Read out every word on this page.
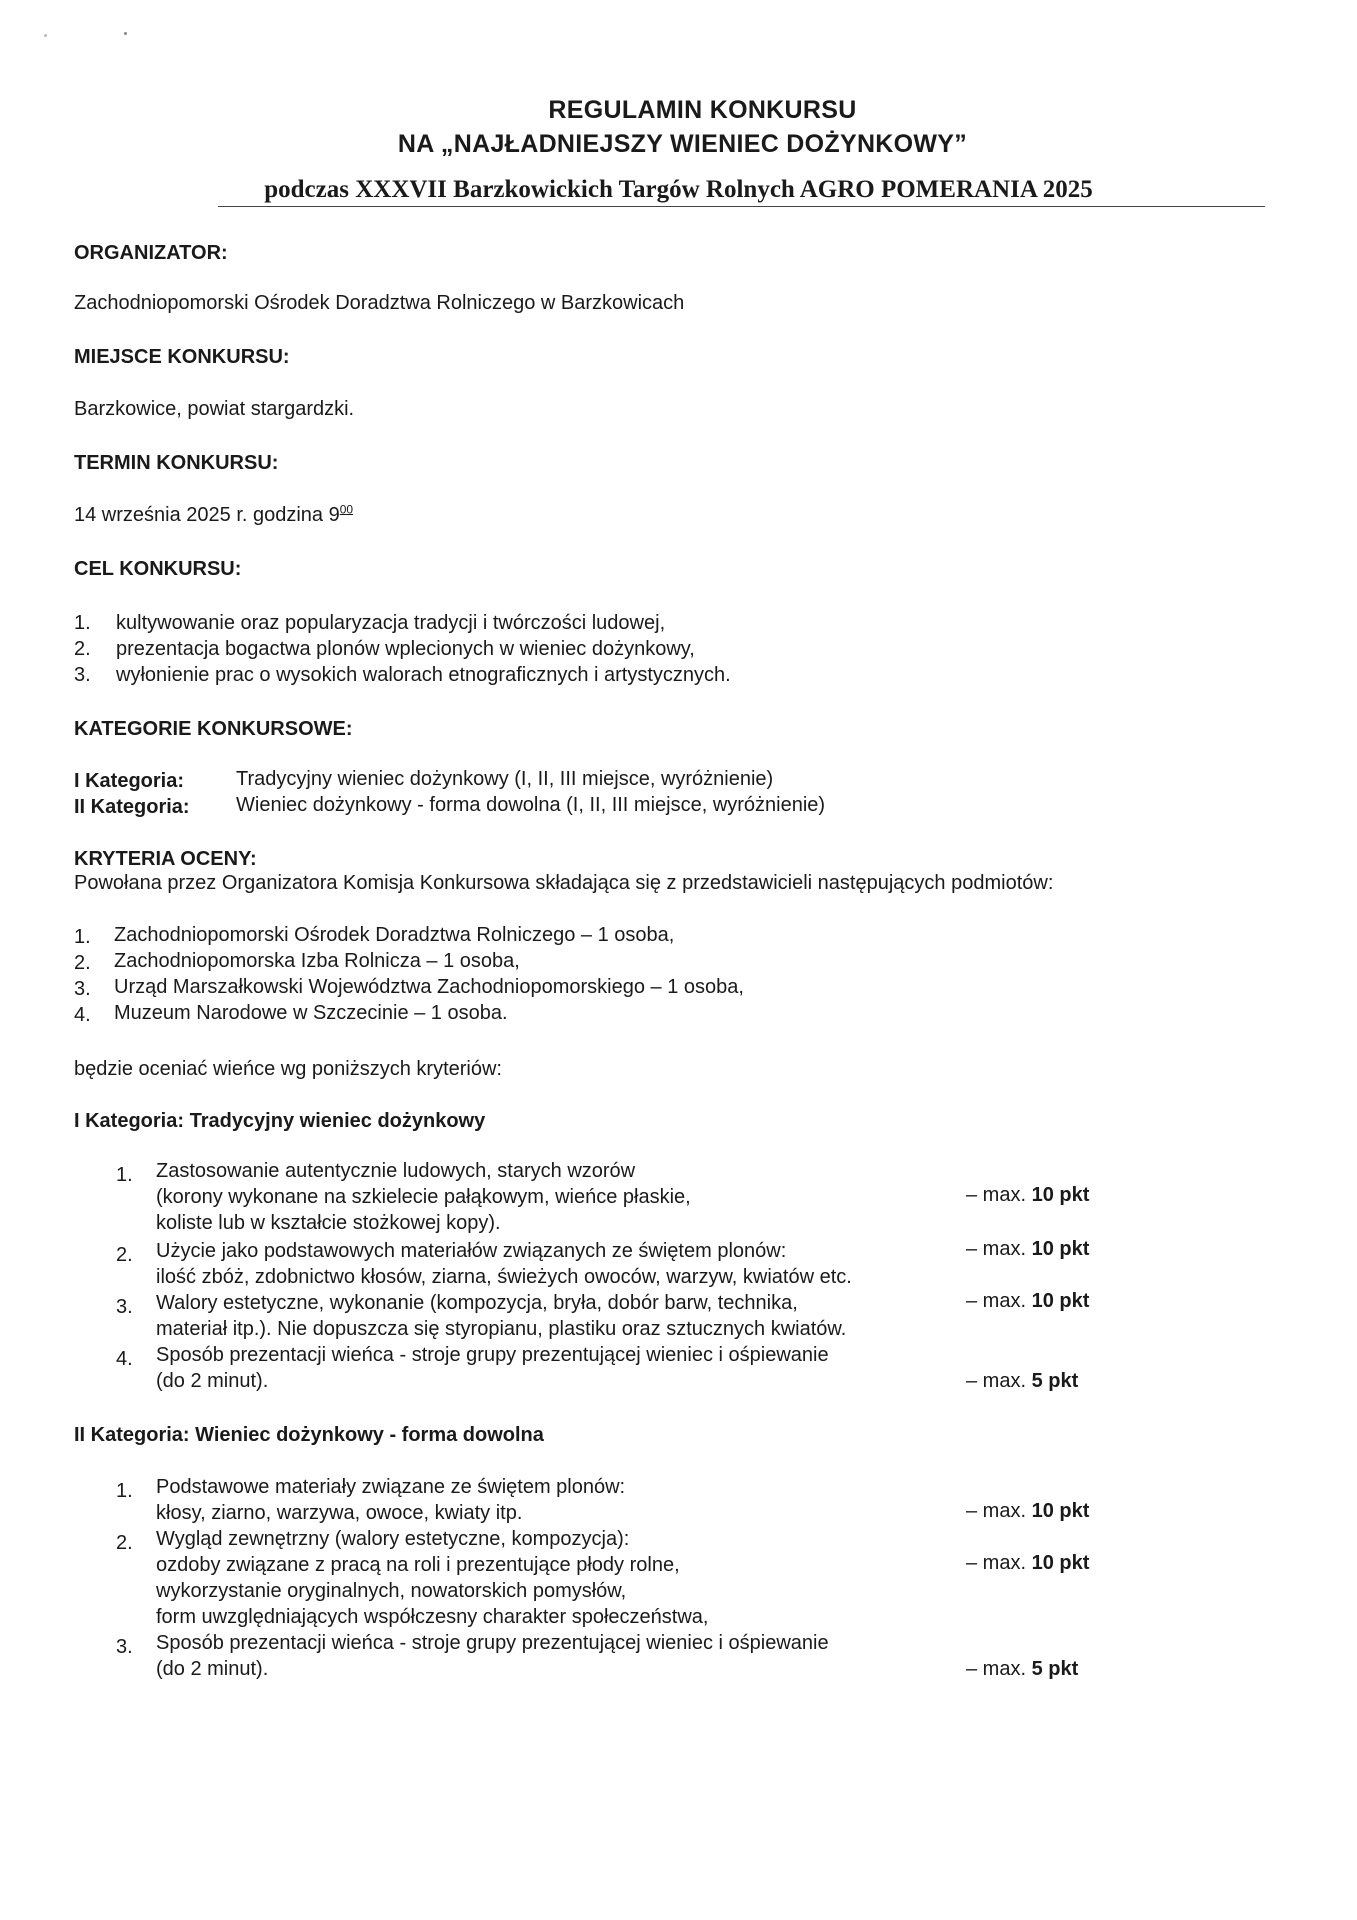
REGULAMIN KONKURSU
NA „NAJŁADNIEJSZY WIENIEC DOŻYNKOWY”
podczas XXXVII Barzkowickich Targów Rolnych AGRO POMERANIA 2025
ORGANIZATOR:
Zachodniopomorski Ośrodek Doradztwa Rolniczego w Barzkowicach
MIEJSCE KONKURSU:
Barzkowice, powiat stargardzki.
TERMIN KONKURSU:
14 września 2025 r. godzina $9^{00}$
CEL KONKURSU:
1.	kultywowanie oraz popularyzacja tradycji i twórczości ludowej,
2.	prezentacja bogactwa plonów wplecionych w wieniec dożynkowy,
3.	wyłonienie prac o wysokich walorach etnograficznych i artystycznych.
KATEGORIE KONKURSOWE:
I Kategoria:	Tradycyjny wieniec dożynkowy (I, II, III miejsce, wyróżnienie)
II Kategoria: Wieniec dożynkowy - forma dowolna (I, II, III miejsce, wyróżnienie)
KRYTERIA OCENY:
Powołana przez Organizatora Komisja Konkursowa składająca się z przedstawicieli następujących podmiotów:
1.	Zachodniopomorski Ośrodek Doradztwa Rolniczego – 1 osoba,
2.	Zachodniopomorska Izba Rolnicza – 1 osoba,
3.	Urząd Marszałkowski Województwa Zachodniopomorskiego – 1 osoba,
4.	Muzeum Narodowe w Szczecinie – 1 osoba.
będzie oceniać wieńce wg poniższych kryteriów:
I Kategoria: Tradycyjny wieniec dożynkowy
1.	Zastosowanie autentycznie ludowych, starych wzorów
(korony wykonane na szkielecie pałąkowym, wieńce płaskie,
koliste lub w kształcie stożkowej kopy).
– max. 10 pkt
2.	Użycie jako podstawowych materiałów związanych ze świętem plonów:
ilość zbóż, zdobnictwo kłosów, ziarna, świeżych owoców, warzyw, kwiatów etc.
– max. 10 pkt
3.	Walory estetyczne, wykonanie (kompozycja, bryła, dobór barw, technika,
materiał itp.). Nie dopuszcza się styropianu, plastiku oraz sztucznych kwiatów.
– max. 10 pkt
4.	Sposób prezentacji wieńca - stroje grupy prezentującej wieniec i ośpiewanie
(do 2 minut).	– max. 5 pkt
II Kategoria: Wieniec dożynkowy - forma dowolna
1.	Podstawowe materiały związane ze świętem plonów:
kłosy, ziarno, warzywa, owoce, kwiaty itp.	– max. 10 pkt
2.	Wygląd zewnętrzny (walory estetyczne, kompozycja):
ozdoby związane z pracą na roli i prezentujące płody rolne,
wykorzystanie oryginalnych, nowatorskich pomysłów,
form uwzględniających współczesny charakter społeczeństwa,
– max. 10 pkt
3.	Sposób prezentacji wieńca - stroje grupy prezentującej wieniec i ośpiewanie
(do 2 minut).	– max. 5 pkt
